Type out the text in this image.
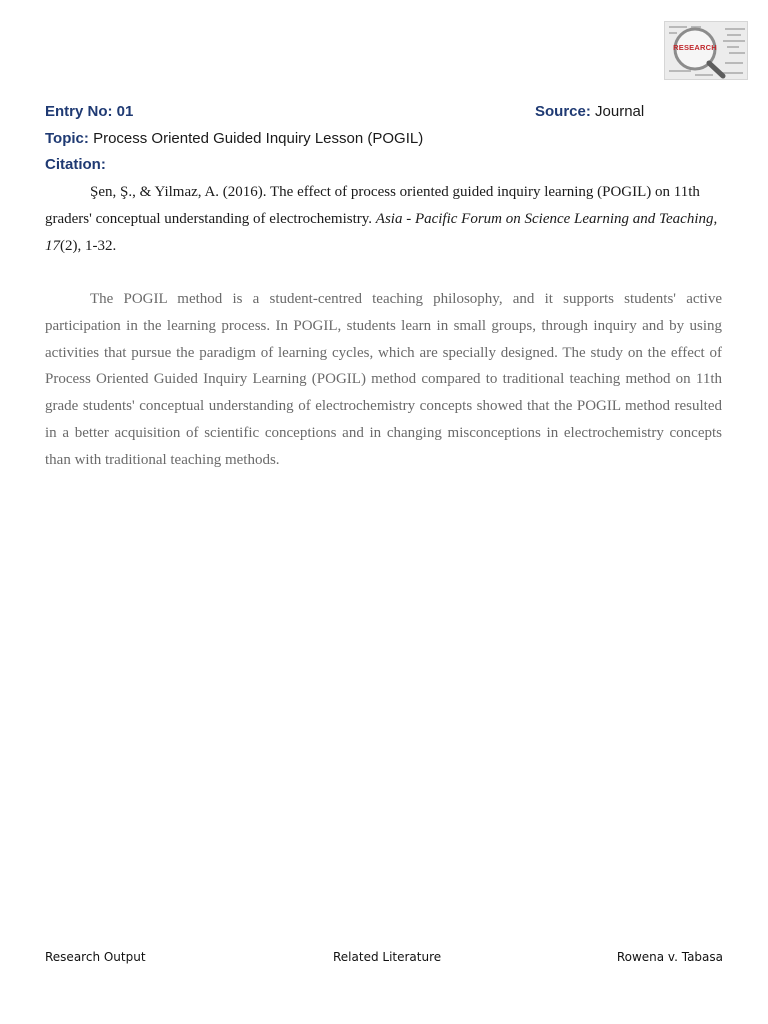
RESEARCH
Entry No: 01	Source: Journal
Topic: Process Oriented Guided Inquiry Lesson (POGIL)
Citation:
Şen, Ş., & Yilmaz, A. (2016). The effect of process oriented guided inquiry learning (POGIL) on 11th graders' conceptual understanding of electrochemistry. Asia - Pacific Forum on Science Learning and Teaching, 17(2), 1-32.
The POGIL method is a student-centred teaching philosophy, and it supports students' active participation in the learning process. In POGIL, students learn in small groups, through inquiry and by using activities that pursue the paradigm of learning cycles, which are specially designed. The study on the effect of Process Oriented Guided Inquiry Learning (POGIL) method compared to traditional teaching method on 11th grade students' conceptual understanding of electrochemistry concepts showed that the POGIL method resulted in a better acquisition of scientific conceptions and in changing misconceptions in electrochemistry concepts than with traditional teaching methods.
Research Output	Related Literature	Rowena v. Tabasa
